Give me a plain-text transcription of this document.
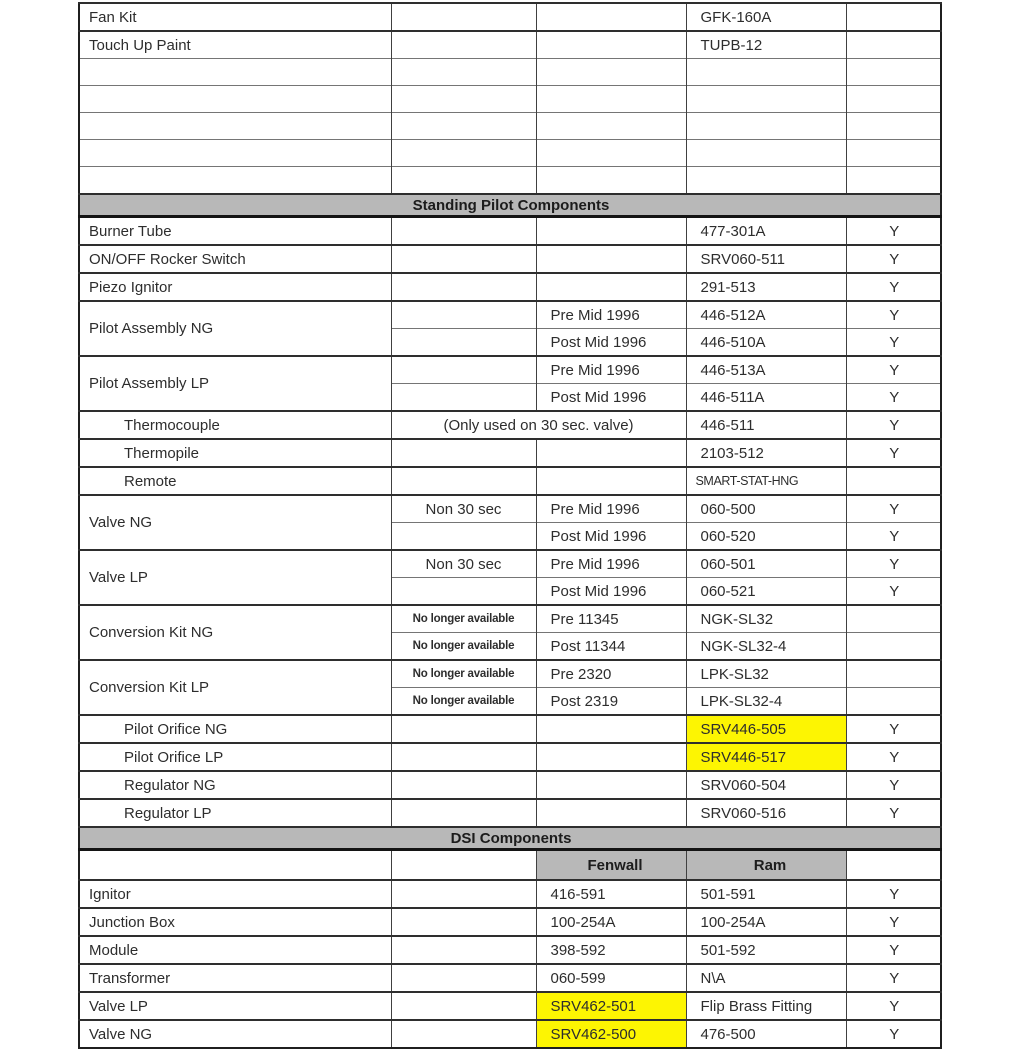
Fan Kit			GFK-160A	
Touch Up Paint			TUPB-12	

Standing Pilot Components				
Burner Tube			477-301A	Y
ON/OFF Rocker Switch			SRV060-511	Y
Piezo Ignitor			291-513	Y
Pilot Assembly NG		Pre Mid 1996	446-512A	Y
		Post Mid 1996	446-510A	Y
Pilot Assembly LP		Pre Mid 1996	446-513A	Y
		Post Mid 1996	446-511A	Y
Thermocouple	(Only used on 30 sec. valve)		446-511	Y
Thermopile			2103-512	Y
Remote			SMART-STAT-HNG	
Valve NG	Non 30 sec	Pre Mid 1996	060-500	Y
		Post Mid 1996	060-520	Y
Valve LP	Non 30 sec	Pre Mid 1996	060-501	Y
		Post Mid 1996	060-521	Y
Conversion Kit NG	No longer available	Pre 11345	NGK-SL32	
	No longer available	Post 11344	NGK-SL32-4	
Conversion Kit LP	No longer available	Pre 2320	LPK-SL32	
	No longer available	Post 2319	LPK-SL32-4	
Pilot Orifice NG			SRV446-505	Y
Pilot Orifice LP			SRV446-517	Y
Regulator NG			SRV060-504	Y
Regulator LP			SRV060-516	Y
DSI Components				
		Fenwall	Ram	
Ignitor		416-591	501-591	Y
Junction Box		100-254A	100-254A	Y
Module		398-592	501-592	Y
Transformer		060-599	N\A	Y
Valve LP		SRV462-501	Flip Brass Fitting	Y
Valve NG		SRV462-500	476-500	Y
